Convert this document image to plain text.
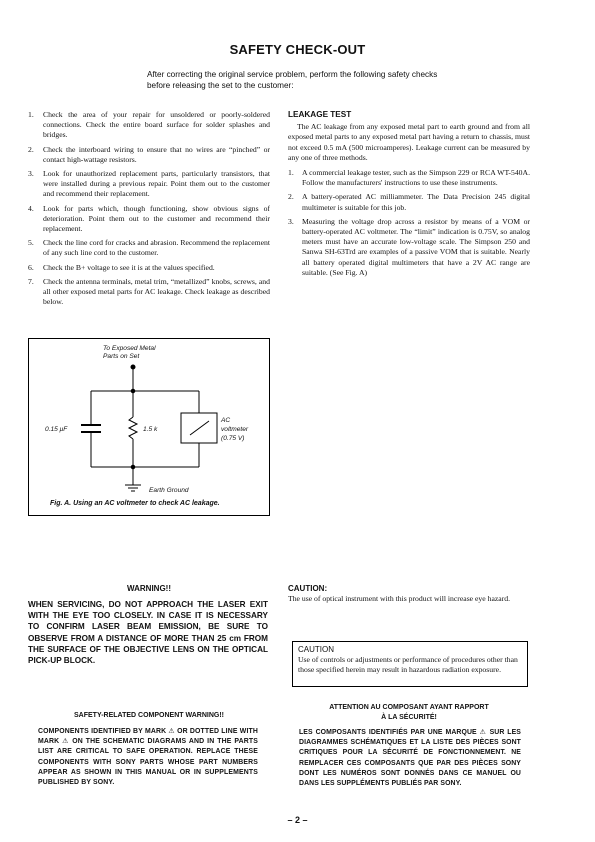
SAFETY CHECK-OUT
After correcting the original service problem, perform the following safety checks before releasing the set to the customer:
1. Check the area of your repair for unsoldered or poorly-soldered connections. Check the entire board surface for solder splashes and bridges.
2. Check the interboard wiring to ensure that no wires are “pinched” or contact high-wattage resistors.
3. Look for unauthorized replacement parts, particularly transistors, that were installed during a previous repair. Point them out to the customer and recommend their replacement.
4. Look for parts which, though functioning, show obvious signs of deterioration. Point them out to the customer and recommend their replacement.
5. Check the line cord for cracks and abrasion. Recommend the replacement of any such line cord to the customer.
6. Check the B+ voltage to see it is at the values specified.
7. Check the antenna terminals, metal trim, “metallized” knobs, screws, and all other exposed metal parts for AC leakage. Check leakage as described below.
LEAKAGE TEST
The AC leakage from any exposed metal part to earth ground and from all exposed metal parts to any exposed metal part having a return to chassis, must not exceed 0.5 mA (500 microamperes). Leakage current can be measured by any one of three methods.
1. A commercial leakage tester, such as the Simpson 229 or RCA WT-540A. Follow the manufacturers' instructions to use these instruments.
2. A battery-operated AC milliammeter. The Data Precision 245 digital multimeter is suitable for this job.
3. Measuring the voltage drop across a resistor by means of a VOM or battery-operated AC voltmeter. The “limit” indication is 0.75V, so analog meters must have an accurate low-voltage scale. The Simpson 250 and Sanwa SH-63Trd are examples of a passive VOM that is suitable. Nearly all battery operated digital multimeters that have a 2V AC range are suitable. (See Fig. A)
To Exposed Metal
Parts on Set
0.15 μF	1.5 k
AC
voltmeter
(0.75 V)
Earth Ground
Fig. A. Using an AC voltmeter to check AC leakage.
WARNING!!
WHEN SERVICING, DO NOT APPROACH THE LASER EXIT WITH THE EYE TOO CLOSELY. IN CASE IT IS NECESSARY TO CONFIRM LASER BEAM EMISSION, BE SURE TO OBSERVE FROM A DISTANCE OF MORE THAN 25 cm FROM THE SURFACE OF THE OBJECTIVE LENS ON THE OPTICAL PICK-UP BLOCK.
CAUTION:
The use of optical instrument with this product will increase eye hazard.
CAUTION
Use of controls or adjustments or performance of procedures other than those specified herein may result in hazardous radiation exposure.
SAFETY-RELATED COMPONENT WARNING!!
COMPONENTS IDENTIFIED BY MARK ⚠ OR DOTTED LINE WITH MARK ⚠ ON THE SCHEMATIC DIAGRAMS AND IN THE PARTS LIST ARE CRITICAL TO SAFE OPERATION. REPLACE THESE COMPONENTS WITH SONY PARTS WHOSE PART NUMBERS APPEAR AS SHOWN IN THIS MANUAL OR IN SUPPLEMENTS PUBLISHED BY SONY.
ATTENTION AU COMPOSANT AYANT RAPPORT
À LA SÉCURITÉ!
LES COMPOSANTS IDENTIFIÉS PAR UNE MARQUE ⚠ SUR LES DIAGRAMMES SCHÉMATIQUES ET LA LISTE DES PIÈCES SONT CRITIQUES POUR LA SÉCURITÉ DE FONCTIONNEMENT. NE REMPLACER CES COMPOSANTS QUE PAR DES PIÈCES SONY DONT LES NUMÉROS SONT DONNÉS DANS CE MANUEL OU DANS LES SUPPLÉMENTS PUBLIÉS PAR SONY.
– 2 –
